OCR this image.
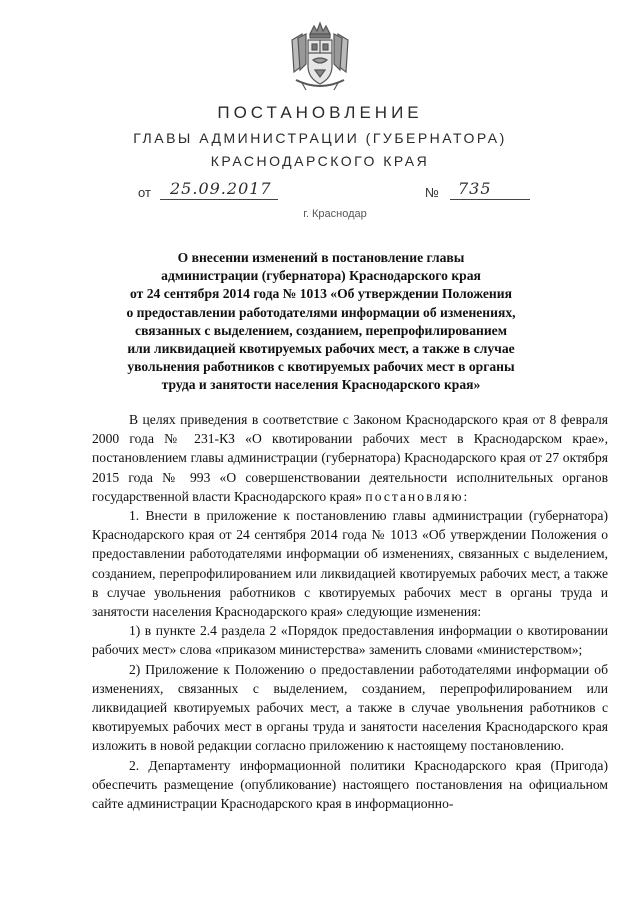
ПОСТАНОВЛЕНИЕ
ГЛАВЫ АДМИНИСТРАЦИИ (ГУБЕРНАТОРА)
КРАСНОДАРСКОГО КРАЯ
от 25.09.2017	№ 735
г. Краснодар
О внесении изменений в постановление главы
администрации (губернатора) Краснодарского края
от 24 сентября 2014 года № 1013 «Об утверждении Положения
о предоставлении работодателями информации об изменениях,
связанных с выделением, созданием, перепрофилированием
или ликвидацией квотируемых рабочих мест, а также в случае
увольнения работников с квотируемых рабочих мест в органы
труда и занятости населения Краснодарского края»

В целях приведения в соответствие с Законом Краснодарского края от 8 февраля 2000 года № 231-КЗ «О квотировании рабочих мест в Краснодарском крае», постановлением главы администрации (губернатора) Краснодарского края от 27 октября 2015 года № 993 «О совершенствовании деятельности исполнительных органов государственной власти Краснодарского края» постановляю:

1. Внести в приложение к постановлению главы администрации (губернатора) Краснодарского края от 24 сентября 2014 года № 1013 «Об утверждении Положения о предоставлении работодателями информации об изменениях, связанных с выделением, созданием, перепрофилированием или ликвидацией квотируемых рабочих мест, а также в случае увольнения работников с квотируемых рабочих мест в органы труда и занятости населения Краснодарского края» следующие изменения:

1) в пункте 2.4 раздела 2 «Порядок предоставления информации о квотировании рабочих мест» слова «приказом министерства» заменить словами «министерством»;

2) Приложение к Положению о предоставлении работодателями информации об изменениях, связанных с выделением, созданием, перепрофилированием или ликвидацией квотируемых рабочих мест, а также в случае увольнения работников с квотируемых рабочих мест в органы труда и занятости населения Краснодарского края изложить в новой редакции согласно приложению к настоящему постановлению.

2. Департаменту информационной политики Краснодарского края (Пригода) обеспечить размещение (опубликование) настоящего постановления на официальном сайте администрации Краснодарского края в информационно-
